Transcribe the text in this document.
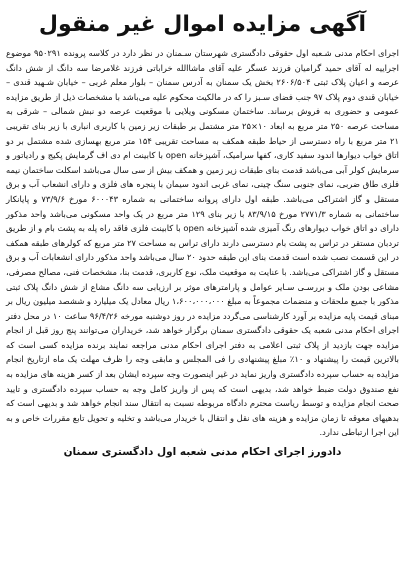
آگهی مزایده اموال غیر منقول

اجرای احکام مدنی شـعبه اول حقوقی دادگستری شهرستان سـمنان در نظر دارد در کلاسه پرونده ۹۵۰۲۹۱ موضوع اجراییه له آقای حمید گرامیان فرزند عسگر علیه آقای ماشاالله خراباتی فرزند غلامرضا سه دانگ از شش دانگ عرصه و اعیان پلاک ثبتی ۲۶۰۶/۵۰۴ بخش یک سمنان به آدرس سمنان – بلوار معلم غربی – خیابان شـهید قندی – خیابان قندی دوم پلاک ۹۷ جنب فضای سـبز را که در مالکیت محکوم علیه می‌باشد با مشخصات ذیل از طریق مزایده عمومی و حضوری به فروش برساند. ساختمان مسکونی ویلایی با موقعیت عرصه دو نبش شمالی – شرقی به مساحت عرصه ۲۵۰ متر مربع به ابعاد ۱۰×۲۵ متر مشتمل بر طبقات زیر زمین با کاربری انباری با زیر بنای تقریبی ۲۱ متر مربع با راه دسترسی از حیاط طبقه همکف به مساحت تقریبی ۱۵۴ متر مربع بهسازی شده مشتمل بر دو اتاق خواب دیوارها اندود سفید کاری، کفها سرامیک، آشپزخانه open با کابینت ام دی اف گرمایش پکیج و رادیاتور و سرمایش کولر آبی می‌باشد قدمت بنای طبقات زیر زمین و همکف بیش از سی سال می‌باشد اسکلت ساختمان نیمه فلزی طاق ضربی، نمای جنوبی سنگ چینی، نمای غربی اندود سیمان با پنجره های فلزی و دارای انشعاب آب و برق مستقل و گاز اشتراکی می‌باشد. طبقه اول دارای پروانه ساختمانی به شماره ۶۰۰۰۴۳ مورخ ۷۳/۹/۶ و پایانکار ساختمانی به شماره ۲۷۷۱/۳ مورخ ۸۳/۹/۱۵ با زیر بنای ۱۲۹ متر مربع در یک واحد مسکونی می‌باشد واحد مذکور دارای دو اتاق خواب دیوارهای رنگ آمیزی شده آشپزخانه open با کابینت فلزی فاقد راه پله به پشت بام و از طریق تردبان مستقر در تراس به پشت بام دسترسی دارند دارای تراس به مساحت ۲۷ متر مربع که کولرهای طبقه همکف در این قسمت نصب شده است قدمت بنای این طبقه حدود ۲۰ سال می‌باشد واحد مذکور دارای انشعابات آب و برق مستقل و گاز اشتراکی می‌باشد. با عنایت به موقعیت ملک، نوع کاربری، قدمت بنا، مشخصات فنی، مصالح مصرفی، مشاعی بودن ملک و بررسـی سـایر عوامل و پارامترهای موثر بر ارزیابی سه دانگ مشاع از شش دانگ پلاک ثبتی مذکور با جمیع ملحقات و منضمات مجموعاً به مبلغ ۱،۶۰۰،۰۰۰،۰۰۰ ریال معادل یک میلیارد و ششصد میلیون ریال بر مبنای قیمت پایه مزایده بر آورد کارشناسی می‌گردد مزایده در روز دوشنبه مورخه ۹۶/۴/۲۶ ساعت ۱۰ در محل دفتر اجرای احکام مدنی شعبه یک حقوقی دادگستری سمنان برگزار خواهد شد، خریداران می‌توانند پنج روز قبل از انجام مزایده جهت بازدید از پلاک ثبتی اعلامی به دفتر اجرای احکام مدنی مراجعه نمایند برنده مزایده کسی است که بالاترین قیمت را پیشنهاد و ۱۰٪ مبلغ پیشنهادی را فی المجلس و مابقی وجه را ظرف مهلت یک ماه ازتاریخ انجام مزایده به حساب سپرده دادگستری واریز نماید در غیر اینصورت وجه سپرده ایشان بعد از کسر هزینه های مزایده به نفع صندوق دولت ضبط خواهد شد، بدیهی است که پس از واریز کامل وجه به حساب سپرده دادگستری و تایید صحت انجام مزایده و توسط ریاست محترم دادگاه مربوطه نسبت به انتقال سند انجام خواهد شد و بدیهی است که بدهیهای معوقه تا زمان مزایده و هزینه های نقل و انتقال با خریدار می‌باشد و تخلیه و تحویل تابع مقررات خاص و به این اجرا ارتباطی ندارد.

دادورز اجرای احکام مدنی شعبه اول دادگستری سمنان
